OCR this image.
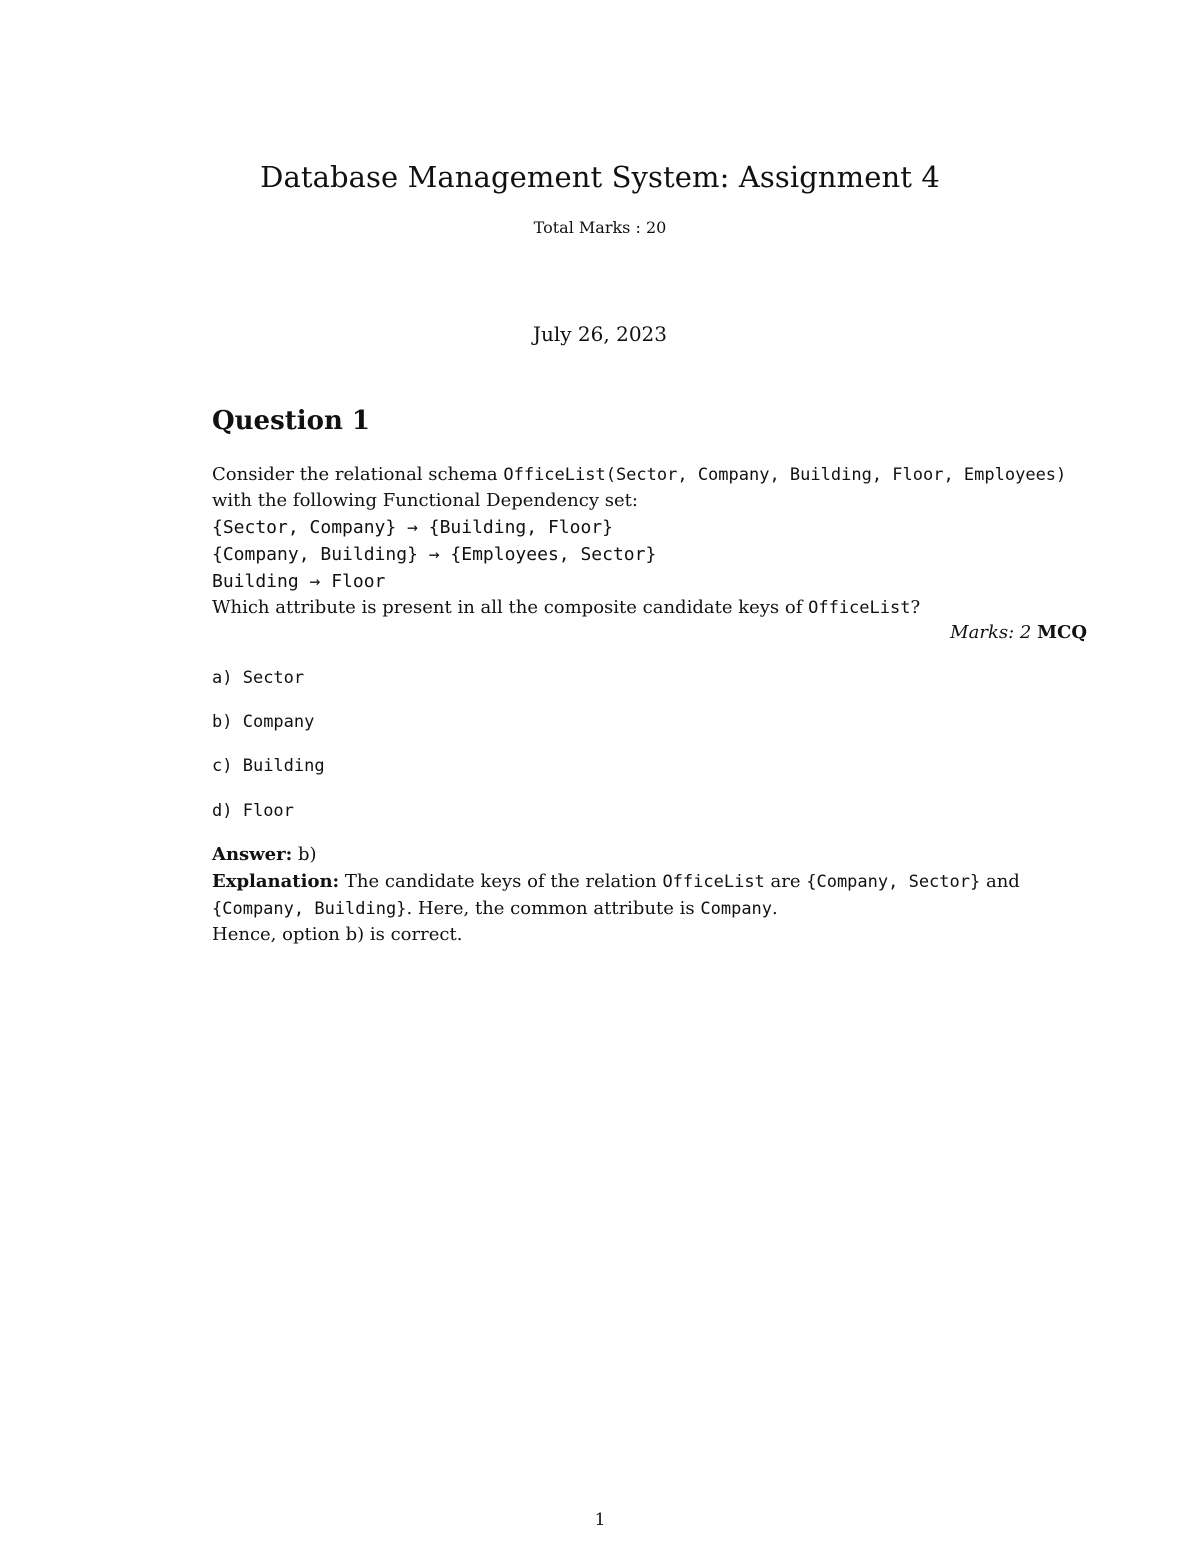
Database Management System: Assignment 4
Total Marks : 20
July 26, 2023
Question 1
Consider the relational schema OfficeList(Sector, Company, Building, Floor, Employees)
with the following Functional Dependency set:
{Sector, Company} → {Building, Floor}
{Company, Building} → {Employees, Sector}
Building → Floor
Which attribute is present in all the composite candidate keys of OfficeList?
Marks: 2 MCQ
a) Sector
b) Company
c) Building
d) Floor
Answer: b)
Explanation: The candidate keys of the relation OfficeList are {Company, Sector} and
{Company, Building}. Here, the common attribute is Company.
Hence, option b) is correct.
1
